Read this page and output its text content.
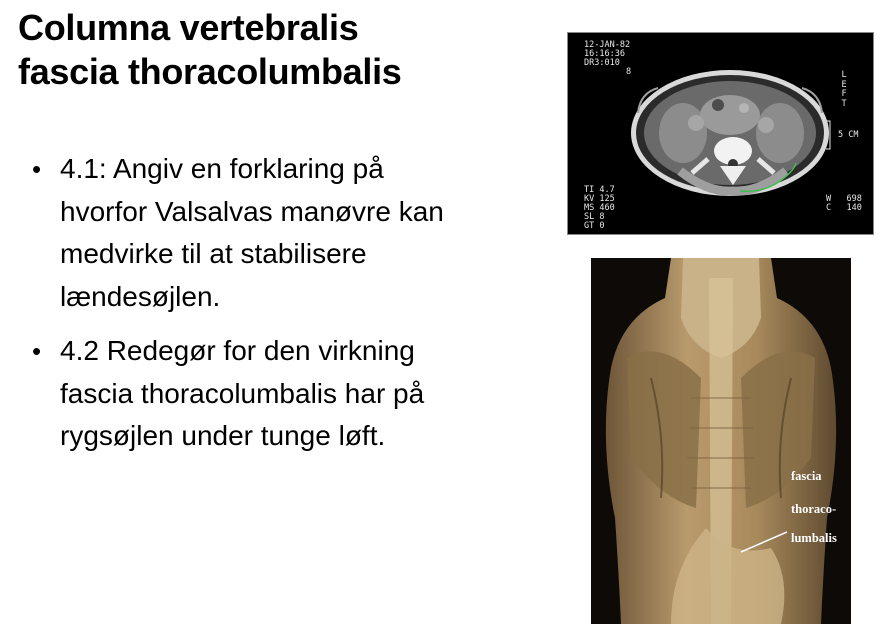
Columna vertebralis
fascia thoracolumbalis
• 4.1: Angiv en forklaring på hvorfor Valsalvas manøvre kan medvirke til at stabilisere lændesøjlen.
• 4.2 Redegør for den virkning fascia thoracolumbalis har på rygsøjlen under tunge løft.
12-JAN-82
16:16:36
DR3:010
8	LEFT
5 CM
TI 4.7
KV 125
MS 460
SL 8
GT 0
W   698
C   140
fascia
thoraco-
lumbalis
